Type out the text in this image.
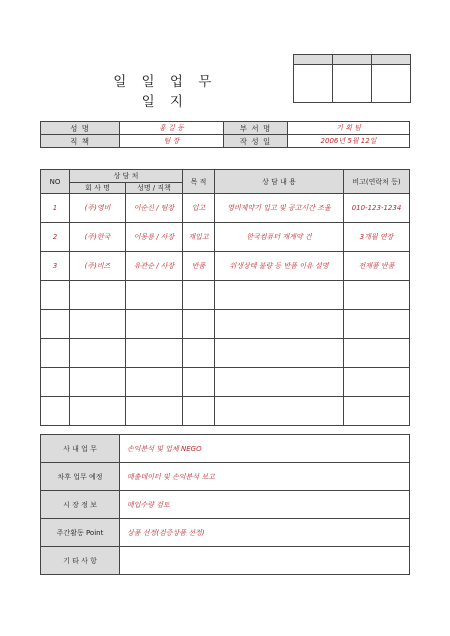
일 일 업 무 일 지

성 명	홍 길 동	부 서 명	기 획 팀
직 책	팀 장	작 성 일	2006년 5월 12일
NO	상 담 처		목 적	상 담 내 용	비고(연락처 등)
	회 사 명	성명 / 직책			
1	(주)영비	이순신 / 팀장	입고	영비제약기 입고 및 공고시간 조율	010-123-1234
2	(주)한국	이몽룡 / 사장	재입고	한국컴퓨터 재계약 건	3개월 연장
3	(주)비즈	유관순 / 사장	반품	위생상태 불량 등 반품 이유 설명	전제품 반품

사 내 업 무	손익분석 및 업체 NEGO
차후 업무 예정	매출데이터 및 손익분석 보고
시 장 정 보	매입수량 검토
주간활동 Point	상품 선정(검증상품 선정)
기 타 사 항	
